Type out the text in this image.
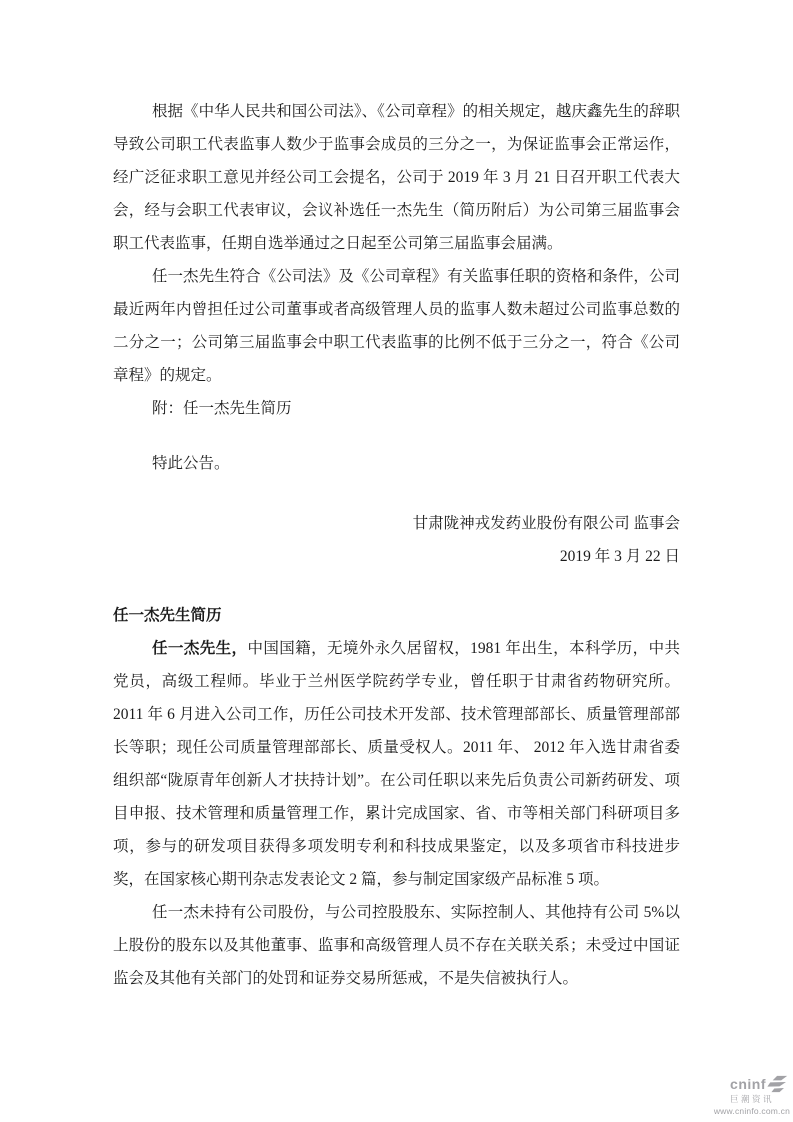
根据《中华人民共和国公司法》、《公司章程》的相关规定，越庆鑫先生的辞职导致公司职工代表监事人数少于监事会成员的三分之一，为保证监事会正常运作，经广泛征求职工意见并经公司工会提名，公司于 2019 年 3 月 21 日召开职工代表大会，经与会职工代表审议，会议补选任一杰先生（简历附后）为公司第三届监事会职工代表监事，任期自选举通过之日起至公司第三届监事会届满。

任一杰先生符合《公司法》及《公司章程》有关监事任职的资格和条件，公司最近两年内曾担任过公司董事或者高级管理人员的监事人数未超过公司监事总数的二分之一；公司第三届监事会中职工代表监事的比例不低于三分之一，符合《公司章程》的规定。

附：任一杰先生简历

特此公告。

甘肃陇神戎发药业股份有限公司 监事会
2019 年 3 月 22 日

任一杰先生简历

任一杰先生，中国国籍，无境外永久居留权，1981 年出生，本科学历，中共党员，高级工程师。毕业于兰州医学院药学专业，曾任职于甘肃省药物研究所。2011 年 6 月进入公司工作，历任公司技术开发部、技术管理部部长、质量管理部部长等职；现任公司质量管理部部长、质量受权人。2011 年、 2012 年入选甘肃省委组织部“陇原青年创新人才扶持计划”。在公司任职以来先后负责公司新药研发、项目申报、技术管理和质量管理工作，累计完成国家、省、市等相关部门科研项目多项，参与的研发项目获得多项发明专利和科技成果鉴定，以及多项省市科技进步奖，在国家核心期刊杂志发表论文 2 篇，参与制定国家级产品标准 5 项。

任一杰未持有公司股份，与公司控股股东、实际控制人、其他持有公司 5%以上股份的股东以及其他董事、监事和高级管理人员不存在关联关系；未受过中国证监会及其他有关部门的处罚和证券交易所惩戒，不是失信被执行人。

cninf
巨潮资讯
www.cninfo.com.cn
